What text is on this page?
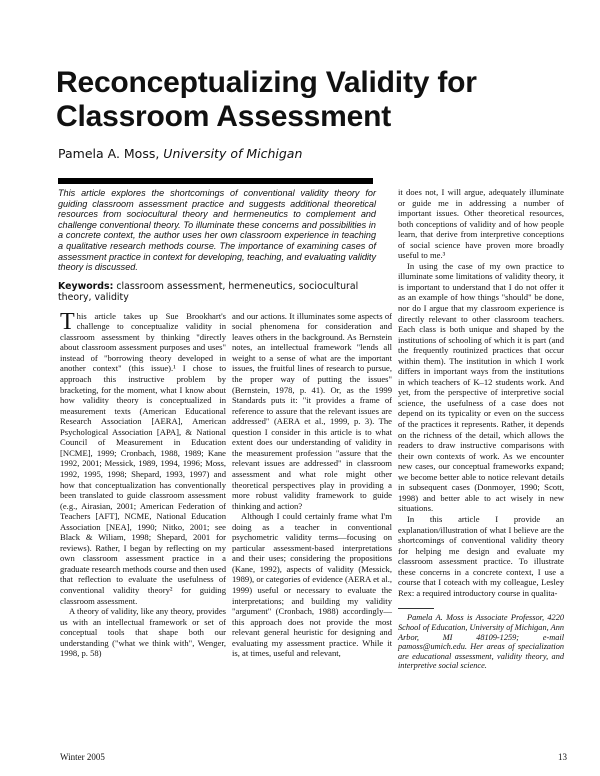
Reconceptualizing Validity for Classroom Assessment
Pamela A. Moss, University of Michigan

This article explores the shortcomings of conventional validity theory for guiding classroom assessment practice and suggests additional theoretical resources from sociocultural theory and hermeneutics to complement and challenge conventional theory. To illuminate these concerns and possibilities in a concrete context, the author uses her own classroom experience in teaching a qualitative research methods course. The importance of examining cases of assessment practice in context for developing, teaching, and evaluating validity theory is discussed.

Keywords: classroom assessment, hermeneutics, sociocultural theory, validity

This article takes up Sue Brookhart's challenge to conceptualize validity in classroom assessment by thinking "directly about classroom assessment purposes and uses" instead of "borrowing theory developed in another context" (this issue).¹ I chose to approach this instructive problem by bracketing, for the moment, what I know about how validity theory is conceptualized in measurement texts (American Educational Research Association [AERA], American Psychological Association [APA], & National Council of Measurement in Education [NCME], 1999; Cronbach, 1988, 1989; Kane 1992, 2001; Messick, 1989, 1994, 1996; Moss, 1992, 1995, 1998; Shepard, 1993, 1997) and how that conceptualization has conventionally been translated to guide classroom assessment (e.g., Airasian, 2001; American Federation of Teachers [AFT], NCME, National Education Association [NEA], 1990; Nitko, 2001; see Black & Wiliam, 1998; Shepard, 2001 for reviews). Rather, I began by reflecting on my own classroom assessment practice in a graduate research methods course and then used that reflection to evaluate the usefulness of conventional validity theory² for guiding classroom assessment.

A theory of validity, like any theory, provides us with an intellectual framework or set of conceptual tools that shape both our understanding ("what we think with", Wenger, 1998, p. 58)

and our actions. It illuminates some aspects of social phenomena for consideration and leaves others in the background. As Bernstein notes, an intellectual framework "lends all weight to a sense of what are the important issues, the fruitful lines of research to pursue, the proper way of putting the issues" (Bernstein, 1978, p. 41). Or, as the 1999 Standards puts it: "it provides a frame of reference to assure that the relevant issues are addressed" (AERA et al., 1999, p. 3). The question I consider in this article is to what extent does our understanding of validity in the measurement profession "assure that the relevant issues are addressed" in classroom assessment and what role might other theoretical perspectives play in providing a more robust validity framework to guide thinking and action?

Although I could certainly frame what I'm doing as a teacher in conventional psychometric validity terms—focusing on particular assessment-based interpretations and their uses; considering the propositions (Kane, 1992), aspects of validity (Messick, 1989), or categories of evidence (AERA et al., 1999) useful or necessary to evaluate the interpretations; and building my validity "argument" (Cronbach, 1988) accordingly—this approach does not provide the most relevant general heuristic for designing and evaluating my assessment practice. While it is, at times, useful and relevant,

it does not, I will argue, adequately illuminate or guide me in addressing a number of important issues. Other theoretical resources, both conceptions of validity and of how people learn, that derive from interpretive conceptions of social science have proven more broadly useful to me.³

In using the case of my own practice to illuminate some limitations of validity theory, it is important to understand that I do not offer it as an example of how things "should" be done, nor do I argue that my classroom experience is directly relevant to other classroom teachers. Each class is both unique and shaped by the institutions of schooling of which it is part (and the frequently routinized practices that occur within them). The institution in which I work differs in important ways from the institutions in which teachers of K–12 students work. And yet, from the perspective of interpretive social science, the usefulness of a case does not depend on its typicality or even on the success of the practices it represents. Rather, it depends on the richness of the detail, which allows the readers to draw instructive comparisons with their own contexts of work. As we encounter new cases, our conceptual frameworks expand; we become better able to notice relevant details in subsequent cases (Donmoyer, 1990; Scott, 1998) and better able to act wisely in new situations.

In this article I provide an explanation/illustration of what I believe are the shortcomings of conventional validity theory for helping me design and evaluate my classroom assessment practice. To illustrate these concerns in a concrete context, I use a course that I coteach with my colleague, Lesley Rex: a required introductory course in qualita-

Pamela A. Moss is Associate Professor, 4220 School of Education, University of Michigan, Ann Arbor, MI 48109-1259; e-mail pamoss@umich.edu. Her areas of specialization are educational assessment, validity theory, and interpretive social science.

Winter 2005	13
